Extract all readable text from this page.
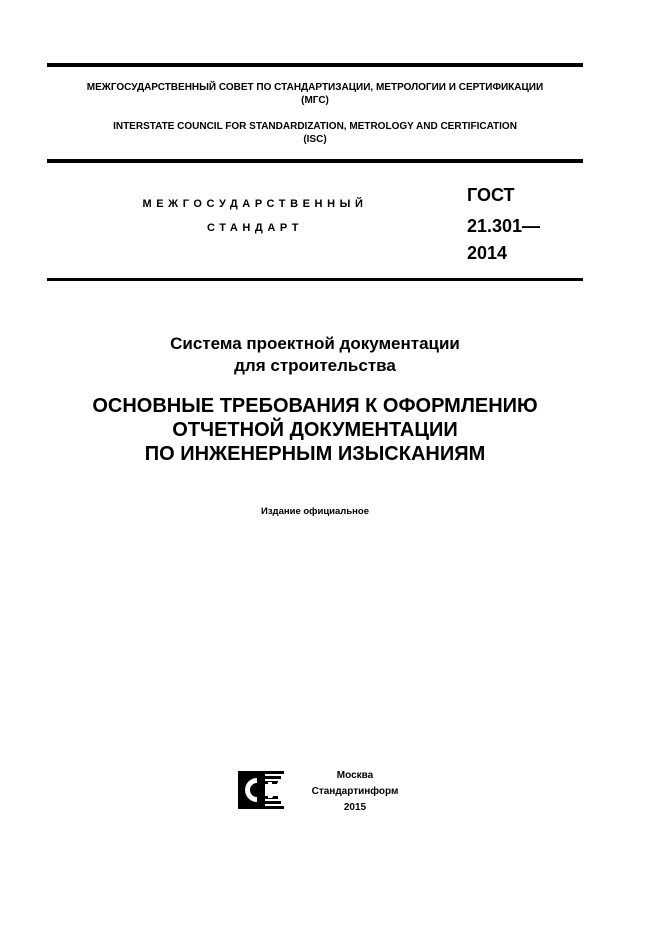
МЕЖГОСУДАРСТВЕННЫЙ СОВЕТ ПО СТАНДАРТИЗАЦИИ, МЕТРОЛОГИИ И СЕРТИФИКАЦИИ
(МГС)
INTERSTATE COUNCIL FOR STANDARDIZATION, METROLOGY AND CERTIFICATION
(ISC)
МЕЖГОСУДАРСТВЕННЫЙ
СТАНДАРТ
ГОСТ
21.301—
2014
Система проектной документации
для строительства
ОСНОВНЫЕ ТРЕБОВАНИЯ К ОФОРМЛЕНИЮ
ОТЧЕТНОЙ ДОКУМЕНТАЦИИ
ПО ИНЖЕНЕРНЫМ ИЗЫСКАНИЯМ
Издание официальное
Москва
Стандартинформ
2015
